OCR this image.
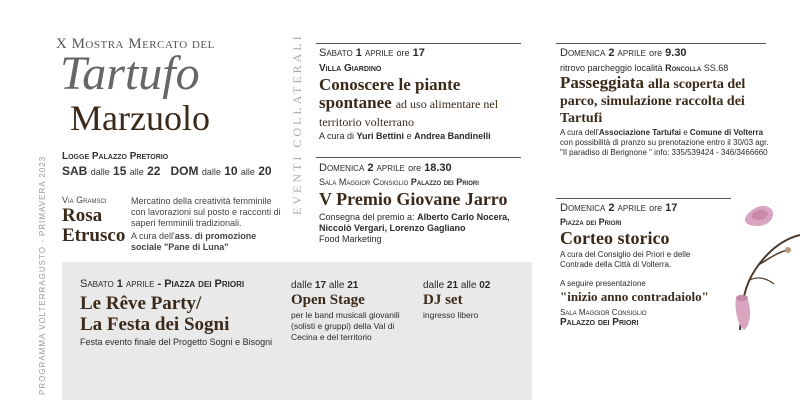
PROGRAMMA VOLTERRAGUSTO - PRIMAVERA 2023
X Mostra Mercato del
Tartufo
Marzuolo
Logge Palazzo Pretorio
SAB dalle 15 alle 22 DOM dalle 10 alle 20
Via Gramsci
Rosa
Etrusco
Mercatino della creatività femminile con lavorazioni sul posto e racconti di saperi femminili tradizionali.
A cura dell'ass. di promozione sociale "Pane di Luna"
EVENTI COLLATERALI Sabato 1 aprile ore 17
Villa Giardino
Conoscere le piante spontanee ad uso alimentare nel territorio volterrano
A cura di Yuri Bettini e Andrea Bandinelli
Domenica 2 aprile ore 18.30
Sala Maggior Consiglio Palazzo dei Priori
V Premio Giovane Jarro
Consegna del premio a: Alberto Carlo Nocera, Niccolò Vergari, Lorenzo Gagliano
Food Marketing
Domenica 2 aprile ore 9.30
ritrovo parcheggio località Roncolla SS.68
Passeggiata alla scoperta del parco, simulazione raccolta dei Tartufi
A cura dell'Associazione Tartufai e Comune di Volterra con possibilità di pranzo su prenotazione entro il 30/03 agr. "Il paradiso di Berignone " info: 335/539424 - 346/3466660
Domenica 2 aprile ore 17
Piazza dei Priori
Corteo storico
A cura del Consiglio dei Priori e delle Contrade della Città di Volterra.
A seguire presentazione
"inizio anno contradaiolo"
Sala Maggior Consiglio
Palazzo dei Priori
Sabato 1 aprile - Piazza dei Priori
Le Rêve Party/
La Festa dei Sogni
Festa evento finale del Progetto Sogni e Bisogni
dalle 17 alle 21
Open Stage
per le band musicali giovanili (solisti e gruppi) della Val di Cecina e del territorio
dalle 21 alle 02
DJ set
ingresso libero
